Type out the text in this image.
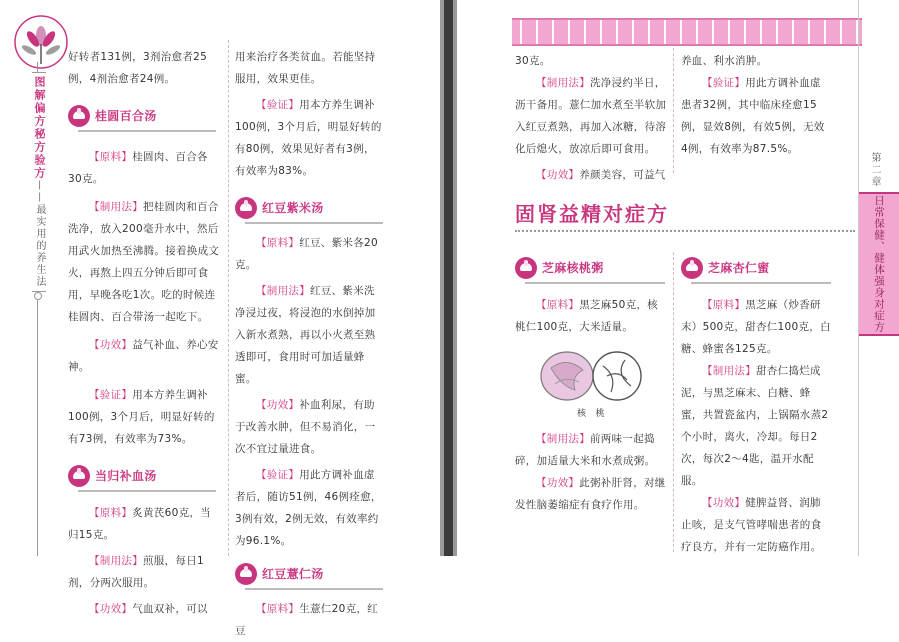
图解偏方秘方验方
——最实用的养生法

好转者131例，3剂治愈者25例，4剂治愈者24例。

桂圆百合汤

【原料】桂圆肉、百合各30克。

【制用法】把桂圆肉和百合洗净，放入200毫升水中，然后用武火加热至沸腾。接着换成文火，再熬上四五分钟后即可食用，早晚各吃1次。吃的时候连桂圆肉、百合带汤一起吃下。

【功效】益气补血、养心安神。

【验证】用本方养生调补100例，3个月后，明显好转的有73例，有效率为73%。

当归补血汤

【原料】炙黄芪60克，当归15克。

【制用法】煎服，每日1剂，分两次服用。

【功效】气血双补，可以

用来治疗各类贫血。若能坚持服用，效果更佳。

【验证】用本方养生调补100例，3个月后，明显好转的有80例，效果见好者有3例，有效率为83%。

红豆紫米汤

【原料】红豆、紫米各20克。

【制用法】红豆、紫米洗净浸过夜，将浸泡的水倒掉加入新水煮熟，再以小火煮至熟透即可，食用时可加适量蜂蜜。

【功效】补血利尿，有助于改善水肿，但不易消化，一次不宜过量进食。

【验证】用此方调补血虚者后，随访51例，46例痊愈，3例有效，2例无效，有效率约为96.1%。

红豆薏仁汤

【原料】生薏仁20克，红豆

30克。

【制用法】洗净浸约半日，沥干备用。薏仁加水煮至半软加入红豆煮熟，再加入冰糖，待溶化后熄火，放凉后即可食用。

【功效】养颜美容，可益气

养血、利水消肿。

【验证】用此方调补血虚患者32例，其中临床痊愈15例，显效8例，有效5例，无效4例，有效率为87.5%。

固肾益精对症方
芝麻核桃粥

【原料】黑芝麻50克，核桃仁100克，大米适量。

核　桃

【制用法】前两味一起捣碎，加适量大米和水煮成粥。

【功效】此粥补肝肾，对继发性脑萎缩症有食疗作用。

芝麻杏仁蜜

【原料】黑芝麻（炒香研末）500克，甜杏仁100克，白糖、蜂蜜各125克。

【制用法】甜杏仁捣烂成泥，与黑芝麻末、白糖、蜂蜜，共置瓷盆内，上锅隔水蒸2个小时，离火，冷却。每日2次，每次2～4匙，温开水配服。

【功效】健脾益肾、润肺止咳，是支气管哮喘患者的食疗良方，并有一定防癌作用。

第二章
日常保健、健体强身对症方
